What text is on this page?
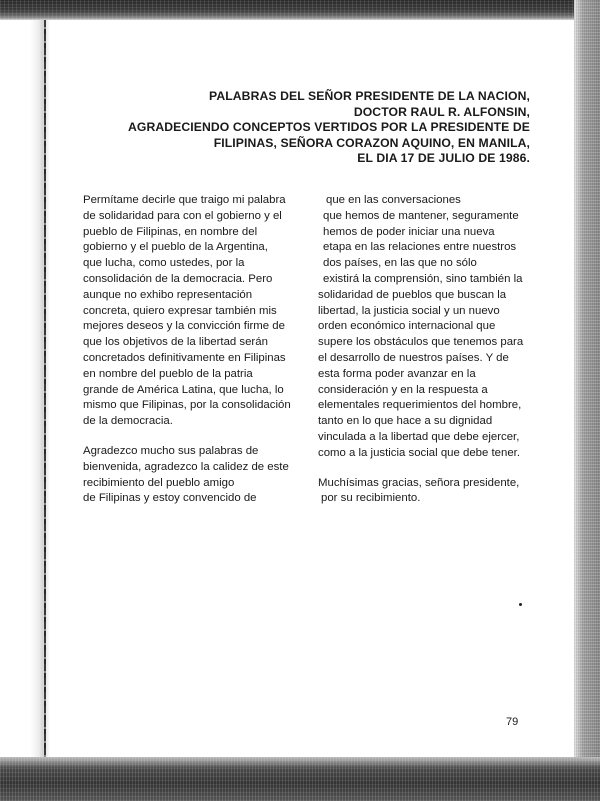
PALABRAS DEL SEÑOR PRESIDENTE DE LA NACION,
DOCTOR RAUL R. ALFONSIN,
AGRADECIENDO CONCEPTOS VERTIDOS POR LA PRESIDENTE DE
FILIPINAS, SEÑORA CORAZON AQUINO, EN MANILA,
EL DIA 17 DE JULIO DE 1986.
Permítame decirle que traigo mi palabra
de solidaridad para con el gobierno y el
pueblo de Filipinas, en nombre del
gobierno y el pueblo de la Argentina,
que lucha, como ustedes, por la
consolidación de la democracia. Pero
aunque no exhibo representación
concreta, quiero expresar también mis
mejores deseos y la convicción firme de
que los objetivos de la libertad serán
concretados definitivamente en Filipinas
en nombre del pueblo de la patria
grande de América Latina, que lucha, lo
mismo que Filipinas, por la consolidación
de la democracia.
Agradezco mucho sus palabras de
bienvenida, agradezco la calidez de este
recibimiento del pueblo amigo
de Filipinas y estoy convencido de
que en las conversaciones
que hemos de mantener, seguramente
hemos de poder iniciar una nueva
etapa en las relaciones entre nuestros
dos países, en las que no sólo
existirá la comprensión, sino también la
solidaridad de pueblos que buscan la
libertad, la justicia social y un nuevo
orden económico internacional que
supere los obstáculos que tenemos para
el desarrollo de nuestros países. Y de
esta forma poder avanzar en la
consideración y en la respuesta a
elementales requerimientos del hombre,
tanto en lo que hace a su dignidad
vinculada a la libertad que debe ejercer,
como a la justicia social que debe tener.
Muchísimas gracias, señora presidente,
por su recibimiento.
79
